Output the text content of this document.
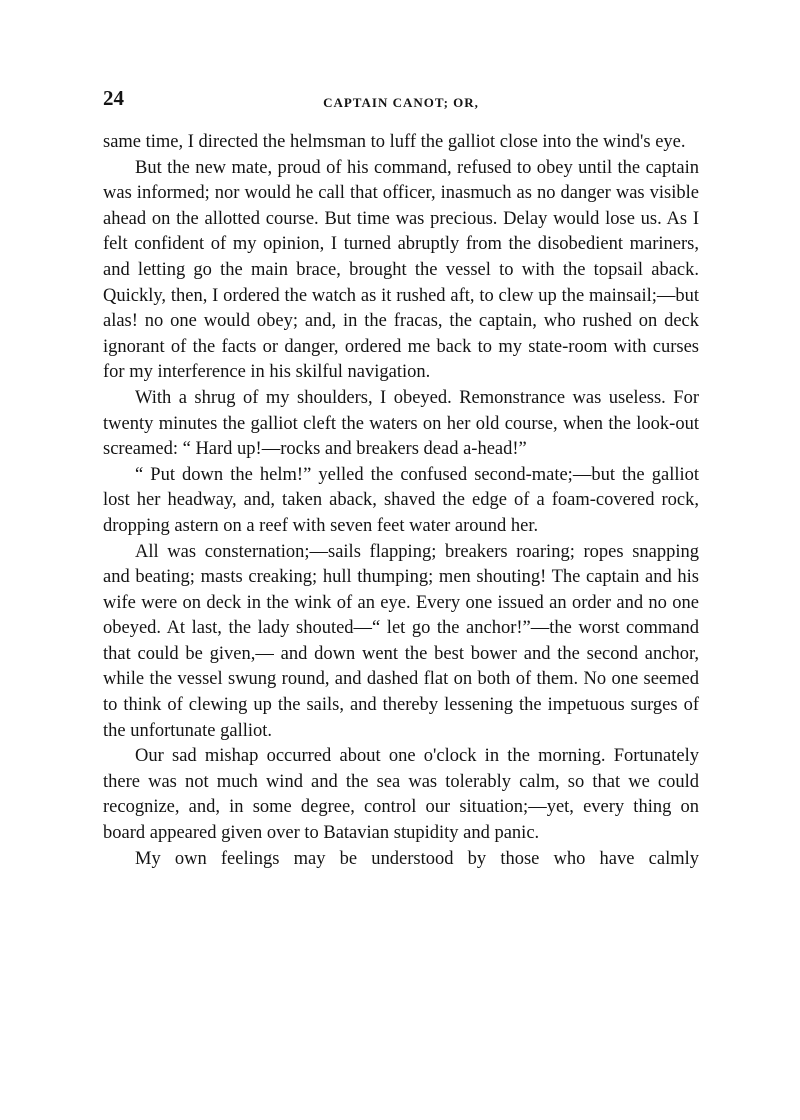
24	CAPTAIN CANOT; OR,

same time, I directed the helmsman to luff the galliot close into the wind's eye.

But the new mate, proud of his command, refused to obey until the captain was informed; nor would he call that officer, inasmuch as no danger was visible ahead on the allotted course. But time was precious. Delay would lose us. As I felt confident of my opinion, I turned abruptly from the disobedient mariners, and letting go the main brace, brought the vessel to with the topsail aback. Quickly, then, I ordered the watch as it rushed aft, to clew up the mainsail;—but alas! no one would obey; and, in the fracas, the captain, who rushed on deck ignorant of the facts or danger, ordered me back to my state-room with curses for my interference in his skilful navigation.

With a shrug of my shoulders, I obeyed. Remonstrance was useless. For twenty minutes the galliot cleft the waters on her old course, when the look-out screamed: “ Hard up!—rocks and breakers dead a-head!”

“ Put down the helm!” yelled the confused second-mate;—but the galliot lost her headway, and, taken aback, shaved the edge of a foam-covered rock, dropping astern on a reef with seven feet water around her.

All was consternation;—sails flapping; breakers roaring; ropes snapping and beating; masts creaking; hull thumping; men shouting! The captain and his wife were on deck in the wink of an eye. Every one issued an order and no one obeyed. At last, the lady shouted—“ let go the anchor!”—the worst command that could be given,— and down went the best bower and the second anchor, while the vessel swung round, and dashed flat on both of them. No one seemed to think of clewing up the sails, and thereby lessening the impetuous surges of the unfortunate galliot.

Our sad mishap occurred about one o'clock in the morning. Fortunately there was not much wind and the sea was tolerably calm, so that we could recognize, and, in some degree, control our situation;—yet, every thing on board appeared given over to Batavian stupidity and panic.

My own feelings may be understood by those who have calmly
